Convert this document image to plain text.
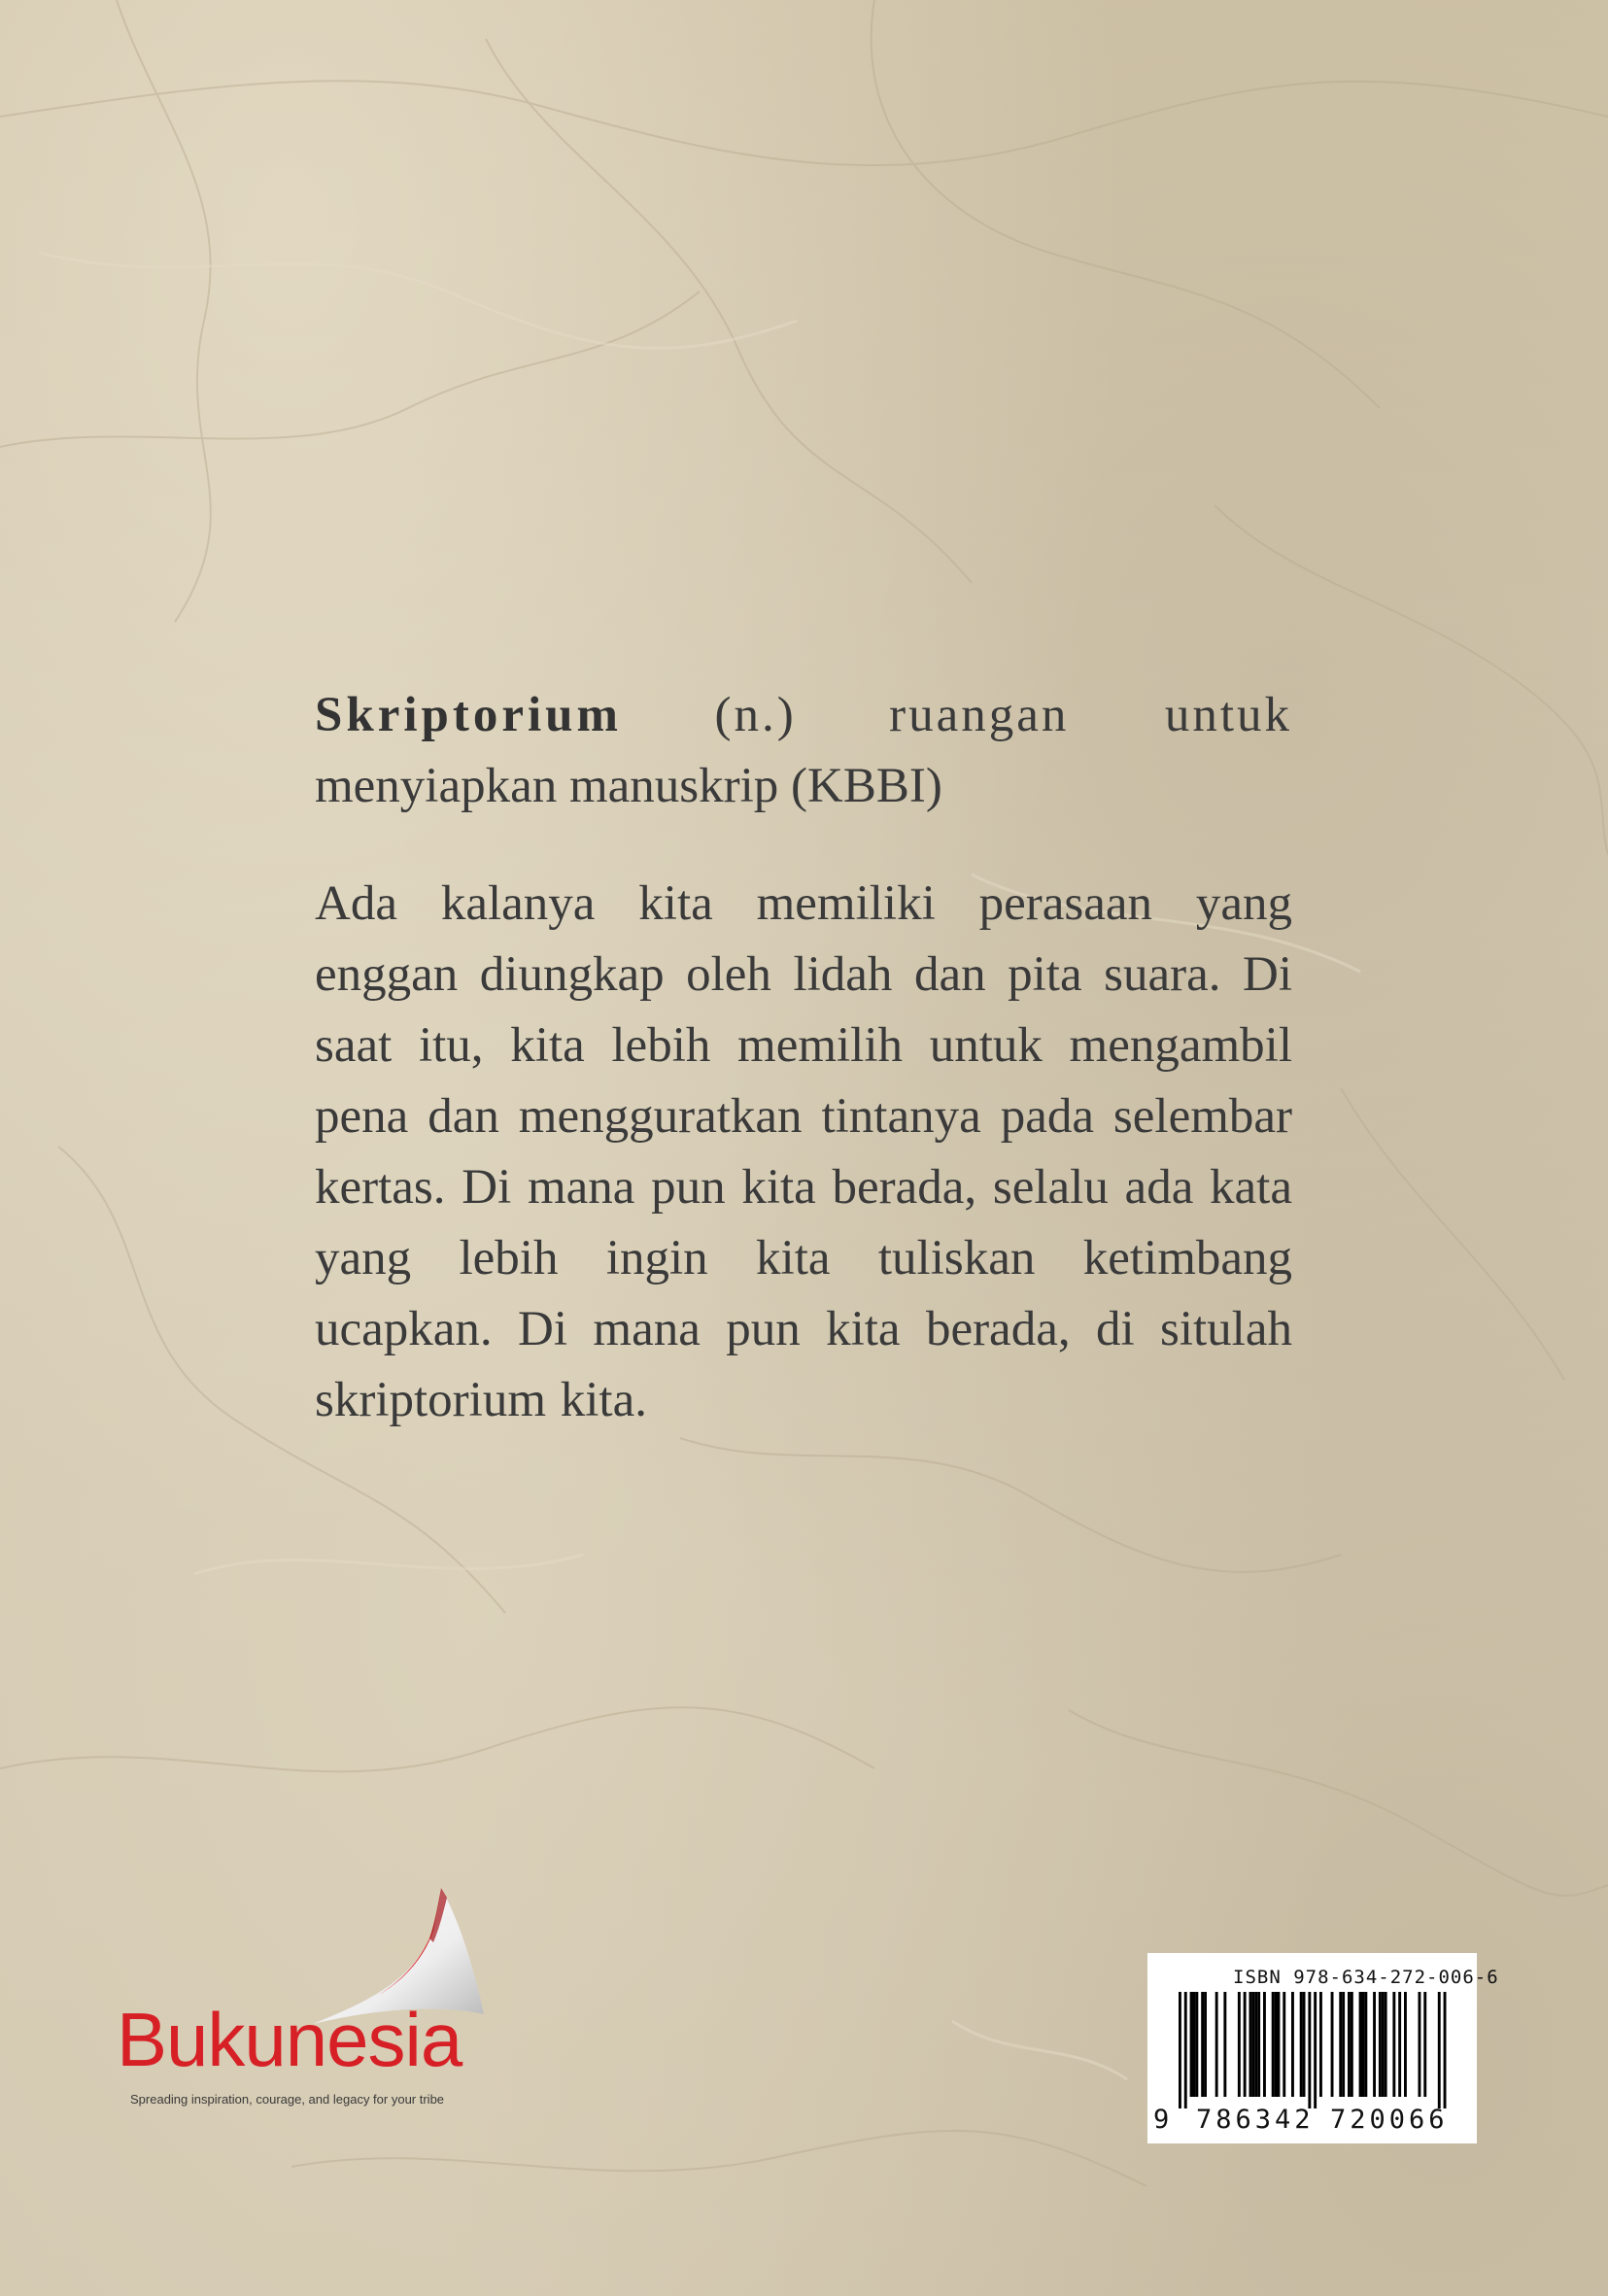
Skriptorium (n.) ruangan untuk menyiapkan manuskrip (KBBI)

Ada kalanya kita memiliki perasaan yang enggan diungkap oleh lidah dan pita suara. Di saat itu, kita lebih memilih untuk mengambil pena dan mengguratkan tintanya pada selembar kertas. Di mana pun kita berada, selalu ada kata yang lebih ingin kita tuliskan ketimbang ucapkan. Di mana pun kita berada, di situlah skriptorium kita.

Bukunesia
Spreading inspiration, courage, and legacy for your tribe
ISBN 978-634-272-006-6
9 786342 720066
